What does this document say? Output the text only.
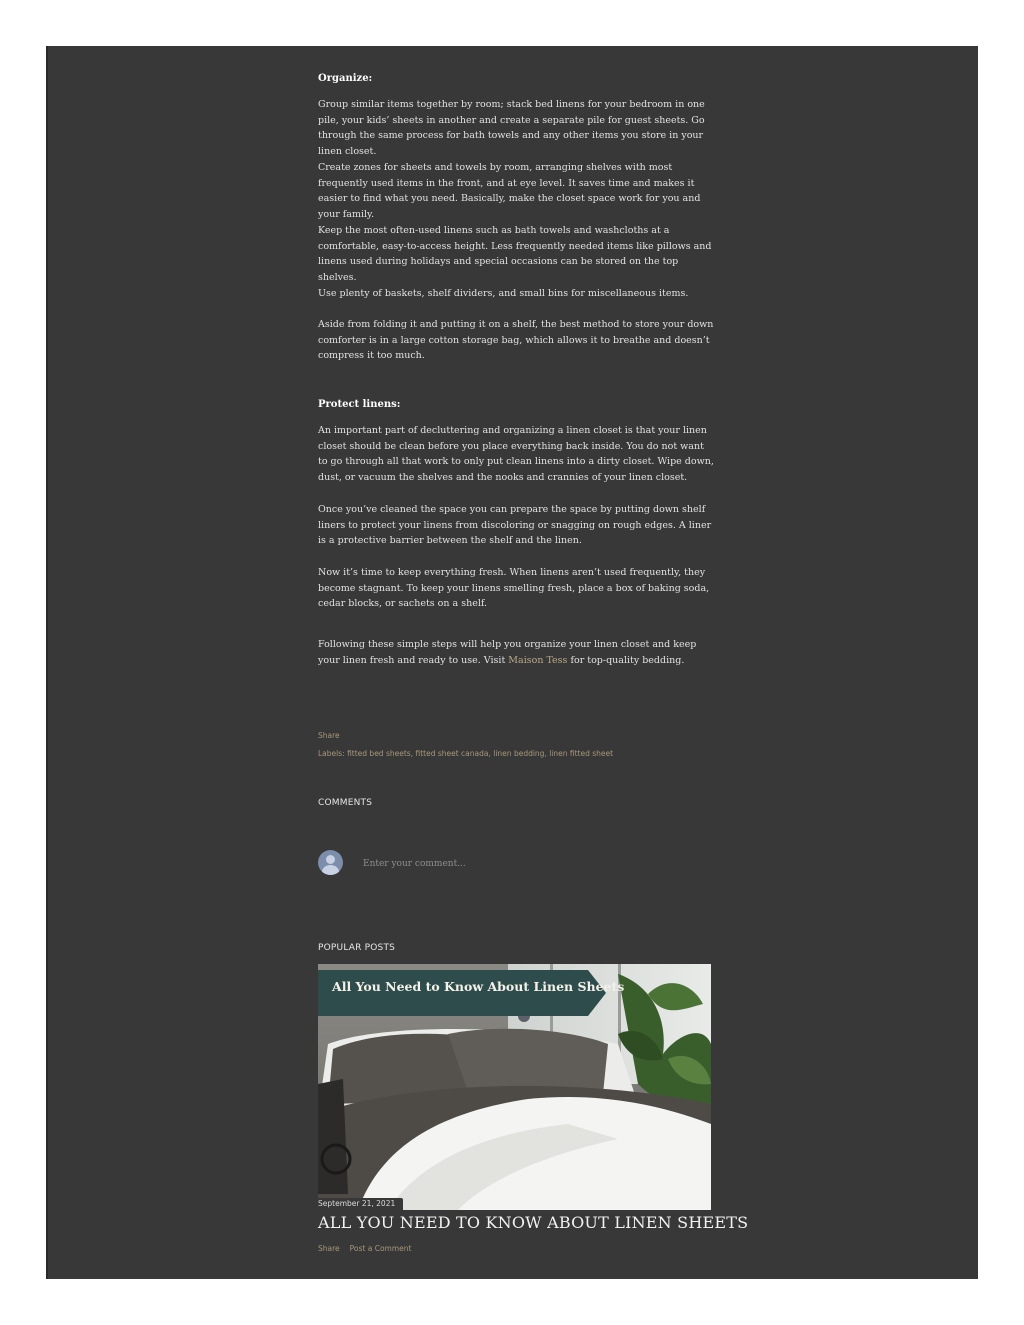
Organize:

Group similar items together by room; stack bed linens for your bedroom in one pile, your kids’ sheets in another and create a separate pile for guest sheets. Go through the same process for bath towels and any other items you store in your linen closet.

Create zones for sheets and towels by room, arranging shelves with most frequently used items in the front, and at eye level. It saves time and makes it easier to find what you need. Basically, make the closet space work for you and your family.

Keep the most often-used linens such as bath towels and washcloths at a comfortable, easy-to-access height. Less frequently needed items like pillows and linens used during holidays and special occasions can be stored on the top shelves.

Use plenty of baskets, shelf dividers, and small bins for miscellaneous items.

Aside from folding it and putting it on a shelf, the best method to store your down comforter is in a large cotton storage bag, which allows it to breathe and doesn’t compress it too much.

Protect linens:

An important part of decluttering and organizing a linen closet is that your linen closet should be clean before you place everything back inside. You do not want to go through all that work to only put clean linens into a dirty closet. Wipe down, dust, or vacuum the shelves and the nooks and crannies of your linen closet.

Once you’ve cleaned the space you can prepare the space by putting down shelf liners to protect your linens from discoloring or snagging on rough edges. A liner is a protective barrier between the shelf and the linen.

Now it’s time to keep everything fresh. When linens aren’t used frequently, they become stagnant. To keep your linens smelling fresh, place a box of baking soda, cedar blocks, or sachets on a shelf.

Following these simple steps will help you organize your linen closet and keep your linen fresh and ready to use. Visit Maison Tess for top-quality bedding.

Share
Labels: fitted bed sheets, fitted sheet canada, linen bedding, linen fitted sheet
COMMENTS
Enter your comment...
POPULAR POSTS
All You Need to Know About Linen Sheets
September 21, 2021
ALL YOU NEED TO KNOW ABOUT LINEN SHEETS
Share Post a Comment
